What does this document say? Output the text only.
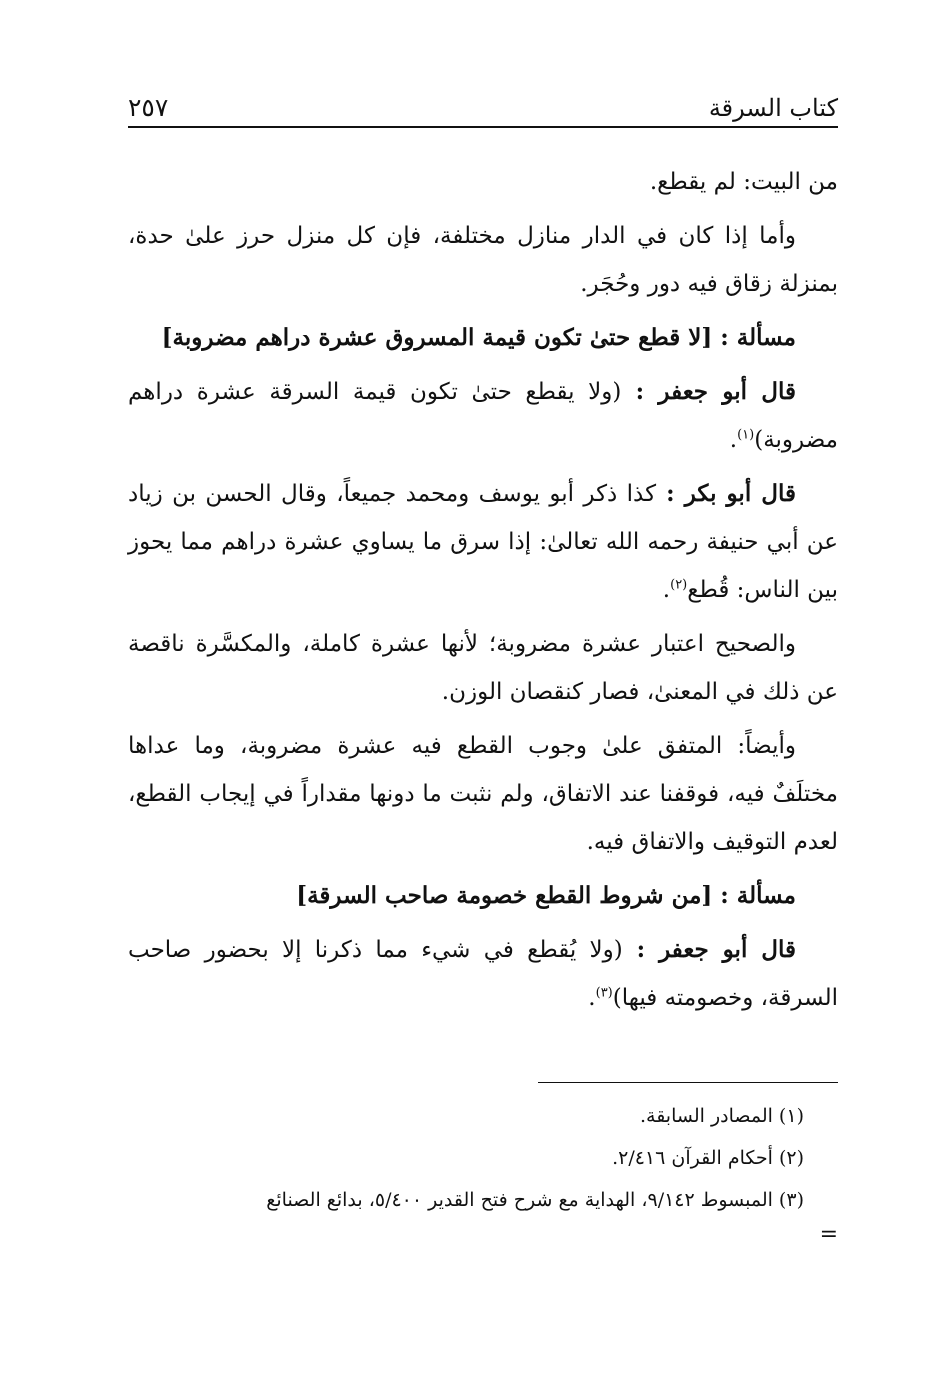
كتاب السرقة
٢٥٧

من البيت: لم يقطع.

وأما إذا كان في الدار منازل مختلفة، فإن كل منزل حرز علىٰ حدة، بمنزلة زقاق فيه دور وحُجَر.

مسألة : [لا قطع حتىٰ تكون قيمة المسروق عشرة دراهم مضروبة]

قال أبو جعفر : (ولا يقطع حتىٰ تكون قيمة السرقة عشرة دراهم مضروبة)$^{(١)}$.

قال أبو بكر : كذا ذكر أبو يوسف ومحمد جميعاً، وقال الحسن بن زياد عن أبي حنيفة رحمه الله تعالىٰ: إذا سرق ما يساوي عشرة دراهم مما يحوز بين الناس: قُطع$^{(٢)}$.

والصحيح اعتبار عشرة مضروبة؛ لأنها عشرة كاملة، والمكسَّرة ناقصة عن ذلك في المعنىٰ، فصار كنقصان الوزن.

وأيضاً: المتفق علىٰ وجوب القطع فيه عشرة مضروبة، وما عداها مختلَفٌ فيه، فوقفنا عند الاتفاق، ولم نثبت ما دونها مقداراً في إيجاب القطع، لعدم التوقيف والاتفاق فيه.

مسألة : [من شروط القطع خصومة صاحب السرقة]

قال أبو جعفر : (ولا يُقطع في شيء مما ذكرنا إلا بحضور صاحب السرقة، وخصومته فيها)$^{(٣)}$.

(١) المصادر السابقة.

(٢) أحكام القرآن ٢/٤١٦.

(٣) المبسوط ٩/١٤٢، الهداية مع شرح فتح القدير ٥/٤٠٠، بدائع الصنائع

=
